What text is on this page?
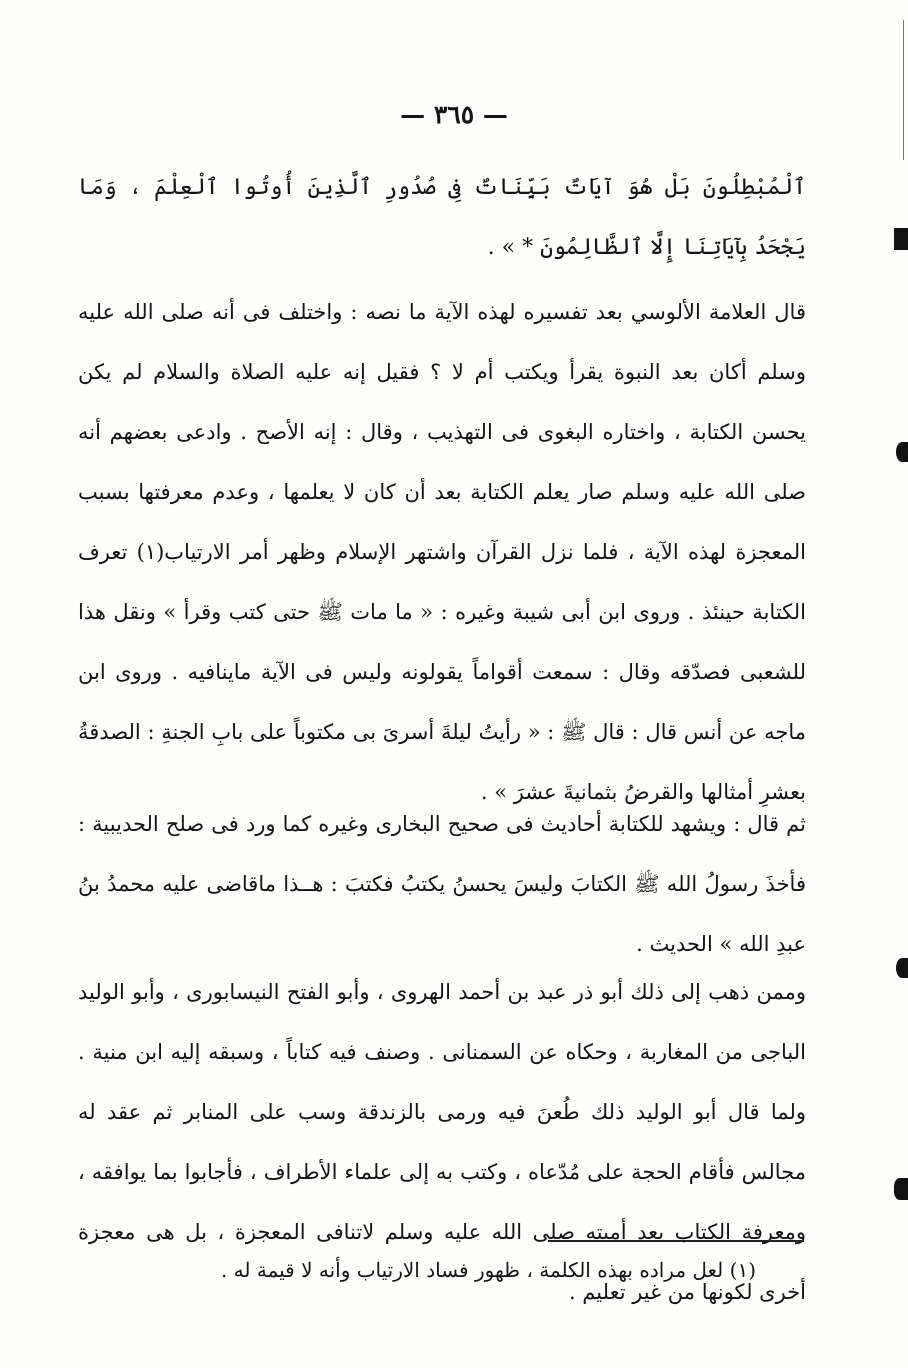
— ٣٦٥ —
ٱلْمُبْطِلُونَ بَلْ هُوَ آيَاتٌ بَيِّنَاتٌ فِى صُدُورِ ٱلَّذِينَ أُوتُوا ٱلْعِلْمَ ، وَمَا يَجْحَدُ بِآيَاتِنَا إِلَّا ٱلظَّالِمُونَ * » .
قال العلامة الألوسي بعد تفسيره لهذه الآية ما نصه : واختلف فى أنه صلى الله عليه وسلم أكان بعد النبوة يقرأ ويكتب أم لا ؟ فقيل إنه عليه الصلاة والسلام لم يكن يحسن الكتابة ، واختاره البغوى فى التهذيب ، وقال : إنه الأصح . وادعى بعضهم أنه صلى الله عليه وسلم صار يعلم الكتابة بعد أن كان لا يعلمها ، وعدم معرفتها بسبب المعجزة لهذه الآية ، فلما نزل القرآن واشتهر الإسلام وظهر أمر الارتياب(١) تعرف الكتابة حينئذ . وروى ابن أبى شيبة وغيره : « ما مات ﷺ حتى كتب وقرأ » ونقل هذا للشعبى فصدّقه وقال : سمعت أقواماً يقولونه وليس فى الآية ماينافيه . وروى ابن ماجه عن أنس قال : قال ﷺ : « رأيتُ ليلةَ أسرىَ بى مكتوباً على بابِ الجنةِ : الصدقةُ بعشرِ أمثالها والقرضُ بثمانيةَ عشرَ » .
ثم قال : ويشهد للكتابة أحاديث فى صحيح البخارى وغيره كما ورد فى صلح الحديبية : فأخذَ رسولُ الله ﷺ الكتابَ وليسَ يحسنُ يكتبُ فكتبَ : هــذا ماقاضى عليه محمدُ بنُ عبدِ الله » الحديث .
وممن ذهب إلى ذلك أبو ذر عبد بن أحمد الهروى ، وأبو الفتح النيسابورى ، وأبو الوليد الباجى من المغاربة ، وحكاه عن السمنانى . وصنف فيه كتاباً ، وسبقه إليه ابن منية . ولما قال أبو الوليد ذلك طُعنَ فيه ورمى بالزندقة وسب على المنابر ثم عقد له مجالس فأقام الحجة على مُدّعاه ، وكتب به إلى علماء الأطراف ، فأجابوا بما يوافقه ، ومعرفة الكتاب بعد أميته صلى الله عليه وسلم لاتنافى المعجزة ، بل هى معجزة أخرى لكونها من غير تعليم .
(١) لعل مراده بهذه الكلمة ، ظهور فساد الارتياب وأنه لا قيمة له .
